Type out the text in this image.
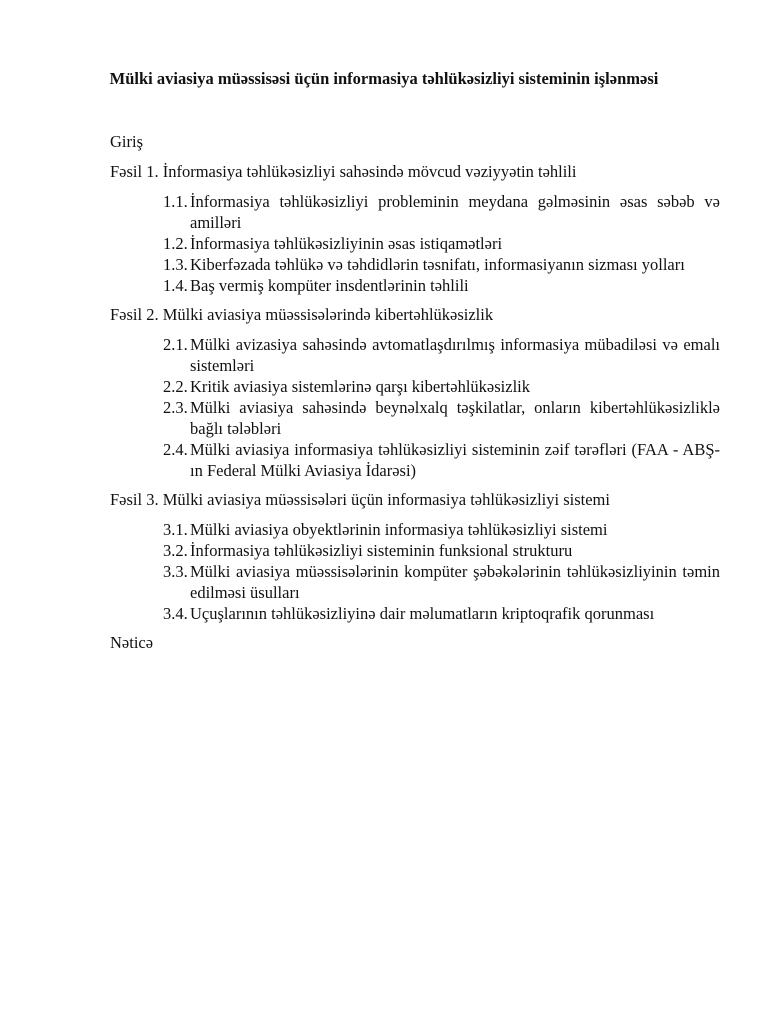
Mülki aviasiya müəssisəsi üçün informasiya təhlükəsizliyi sisteminin işlənməsi

Giriş

Fəsil 1. İnformasiya təhlükəsizliyi sahəsində mövcud vəziyyətin təhlili

1.1. İnformasiya təhlükəsizliyi probleminin meydana gəlməsinin əsas səbəb və amilləri
1.2. İnformasiya təhlükəsizliyinin əsas istiqamətləri
1.3. Kiberfəzada təhlükə və təhdidlərin təsnifatı, informasiyanın sizması yolları
1.4. Baş vermiş kompüter insdentlərinin təhlili

Fəsil 2. Mülki aviasiya müəssisələrində kibertəhlükəsizlik

2.1. Mülki avizasiya sahəsində avtomatlaşdırılmış informasiya mübadiləsi və emalı sistemləri
2.2. Kritik aviasiya sistemlərinə qarşı kibertəhlükəsizlik
2.3. Mülki aviasiya sahəsində beynəlxalq təşkilatlar, onların kibertəhlükəsizliklə bağlı tələbləri
2.4. Mülki aviasiya informasiya təhlükəsizliyi sisteminin zəif tərəfləri (FAA - ABŞ-ın Federal Mülki Aviasiya İdarəsi)

Fəsil 3. Mülki aviasiya müəssisələri üçün informasiya təhlükəsizliyi sistemi

3.1. Mülki aviasiya obyektlərinin informasiya təhlükəsizliyi sistemi
3.2. İnformasiya təhlükəsizliyi sisteminin funksional strukturu
3.3. Mülki aviasiya müəssisələrinin kompüter şəbəkələrinin təhlükəsizliyinin təmin edilməsi üsulları
3.4. Uçuşlarının təhlükəsizliyinə dair məlumatların kriptoqrafik qorunması

Nəticə
